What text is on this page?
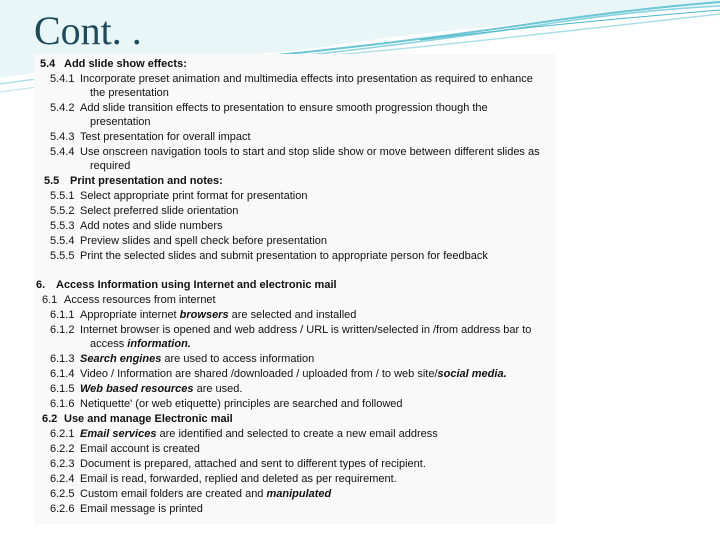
Cont. .
5.4 Add slide show effects:
5.4.1 Incorporate preset animation and multimedia effects into presentation as required to enhance
the presentation
5.4.2 Add slide transition effects to presentation to ensure smooth progression though the
presentation
5.4.3 Test presentation for overall impact
5.4.4 Use onscreen navigation tools to start and stop slide show or move between different slides as
required
5.5 Print presentation and notes:
5.5.1 Select appropriate print format for presentation
5.5.2 Select preferred slide orientation
5.5.3 Add notes and slide numbers
5.5.4 Preview slides and spell check before presentation
5.5.5 Print the selected slides and submit presentation to appropriate person for feedback
6. Access Information using Internet and electronic mail
6.1 Access resources from internet
6.1.1 Appropriate internet browsers are selected and installed
6.1.2 Internet browser is opened and web address / URL is written/selected in /from address bar to
access information.
6.1.3 Search engines are used to access information
6.1.4 Video / Information are shared /downloaded / uploaded from / to web site/social media.
6.1.5 Web based resources are used.
6.1.6 Netiquette' (or web etiquette) principles are searched and followed
6.2 Use and manage Electronic mail
6.2.1 Email services are identified and selected to create a new email address
6.2.2 Email account is created
6.2.3 Document is prepared, attached and sent to different types of recipient.
6.2.4 Email is read, forwarded, replied and deleted as per requirement.
6.2.5 Custom email folders are created and manipulated
6.2.6 Email message is printed
